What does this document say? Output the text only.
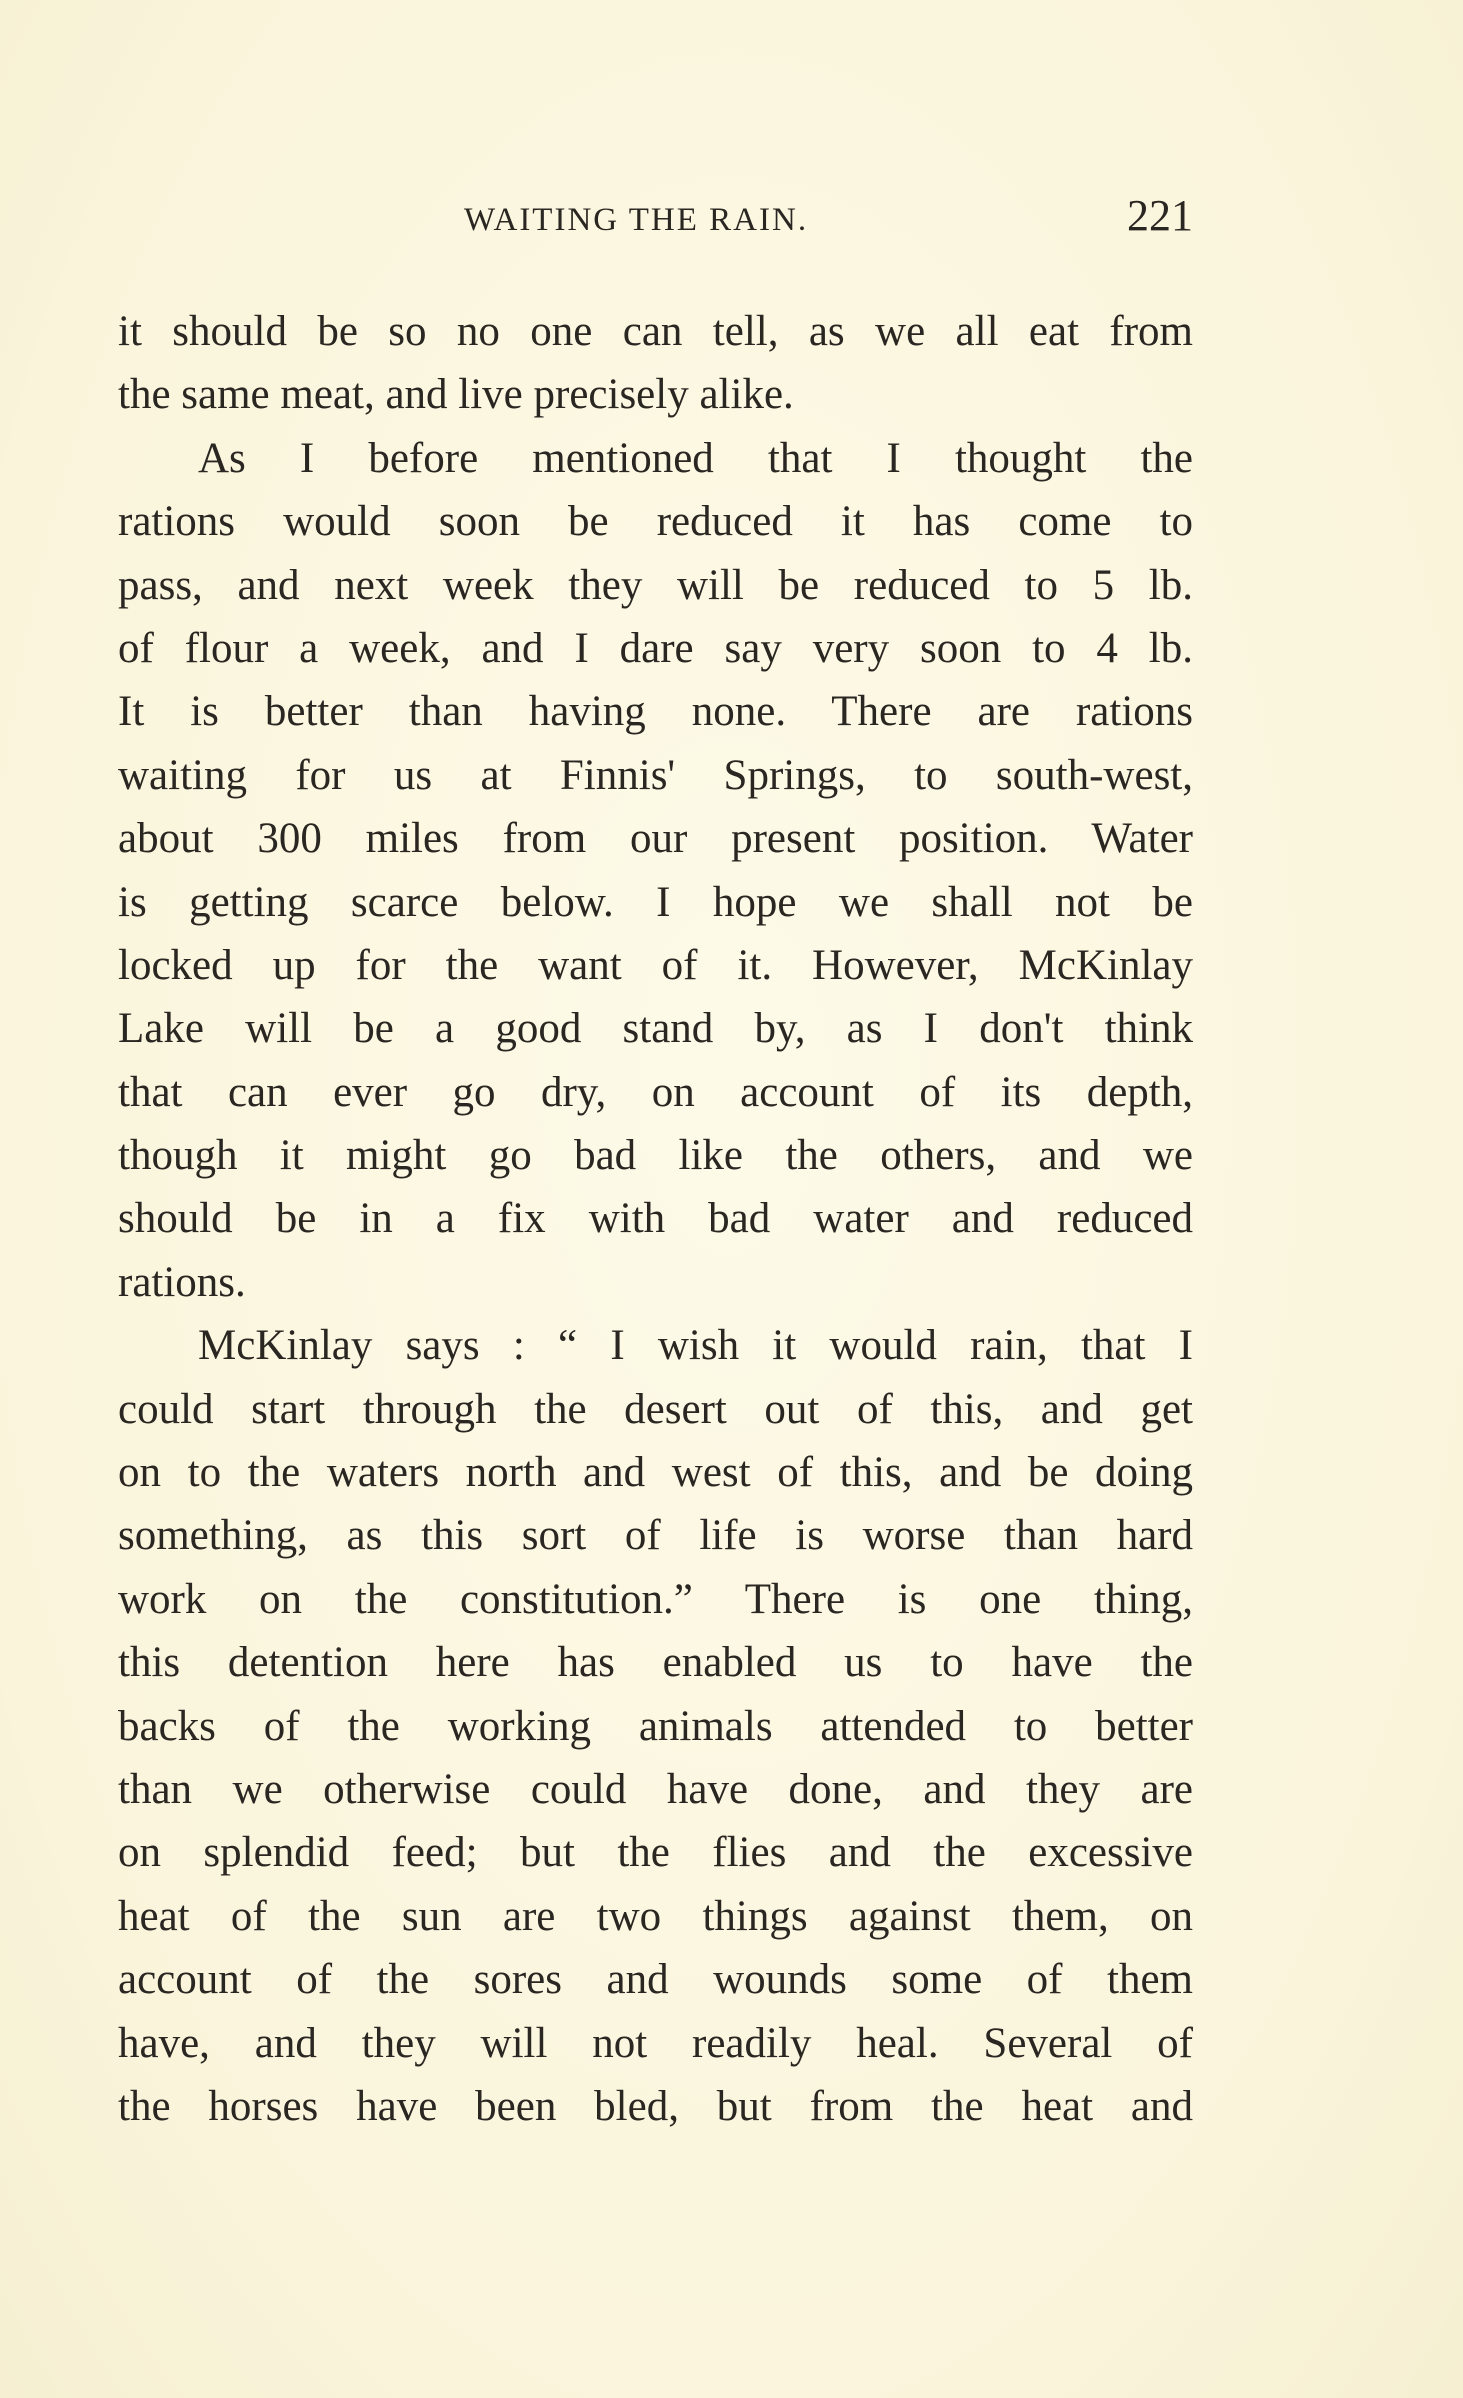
WAITING THE RAIN.	221
it should be so no one can tell, as we all eat from
the same meat, and live precisely alike.
As I before mentioned that I thought the
rations would soon be reduced it has come to
pass, and next week they will be reduced to 5 lb.
of flour a week, and I dare say very soon to 4 lb.
It is better than having none. There are rations
waiting for us at Finnis' Springs, to south-west,
about 300 miles from our present position. Water
is getting scarce below. I hope we shall not be
locked up for the want of it. However, McKinlay
Lake will be a good stand by, as I don't think
that can ever go dry, on account of its depth,
though it might go bad like the others, and we
should be in a fix with bad water and reduced
rations.
McKinlay says : “ I wish it would rain, that I
could start through the desert out of this, and get
on to the waters north and west of this, and be doing
something, as this sort of life is worse than hard
work on the constitution.” There is one thing,
this detention here has enabled us to have the
backs of the working animals attended to better
than we otherwise could have done, and they are
on splendid feed; but the flies and the excessive
heat of the sun are two things against them, on
account of the sores and wounds some of them
have, and they will not readily heal. Several of
the horses have been bled, but from the heat and
